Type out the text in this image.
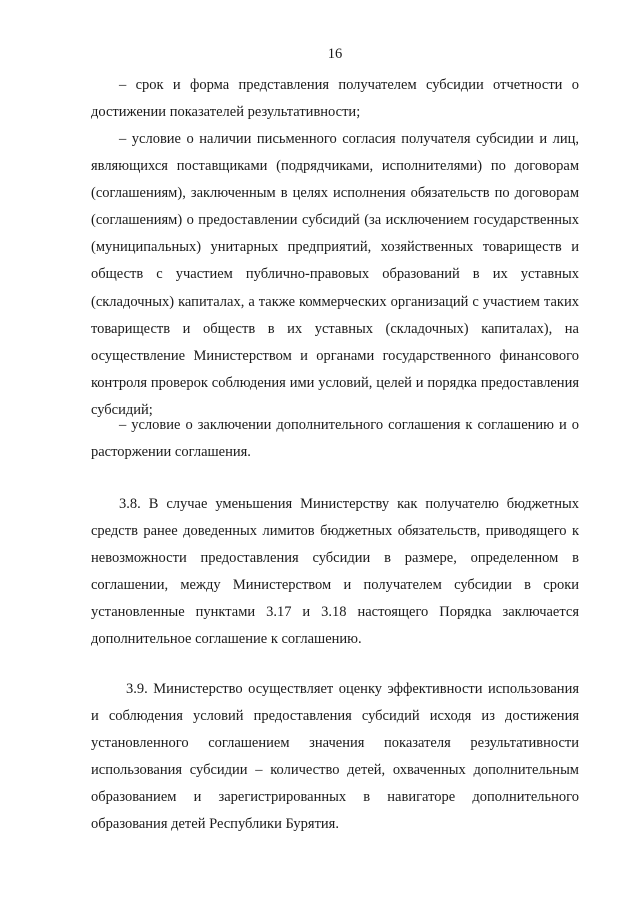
16

– срок и форма представления получателем субсидии отчетности о достижении показателей результативности;

– условие о наличии письменного согласия получателя субсидии и лиц, являющихся поставщиками (подрядчиками, исполнителями) по договорам (соглашениям), заключенным в целях исполнения обязательств по договорам (соглашениям) о предоставлении субсидий (за исключением государственных (муниципальных) унитарных предприятий, хозяйственных товариществ и обществ с участием публично-правовых образований в их уставных (складочных) капиталах, а также коммерческих организаций с участием таких товариществ и обществ в их уставных (складочных) капиталах), на осуществление Министерством и органами государственного финансового контроля проверок соблюдения ими условий, целей и порядка предоставления субсидий;

– условие о заключении дополнительного соглашения к соглашению и о расторжении соглашения.

3.8. В случае уменьшения Министерству как получателю бюджетных средств ранее доведенных лимитов бюджетных обязательств, приводящего к невозможности предоставления субсидии в размере, определенном в соглашении, между Министерством и получателем субсидии в сроки установленные пунктами 3.17 и 3.18 настоящего Порядка заключается дополнительное соглашение к соглашению.

3.9. Министерство осуществляет оценку эффективности использования и соблюдения условий предоставления субсидий исходя из достижения установленного соглашением значения показателя результативности использования субсидии – количество детей, охваченных дополнительным образованием и зарегистрированных в навигаторе дополнительного образования детей Республики Бурятия.
